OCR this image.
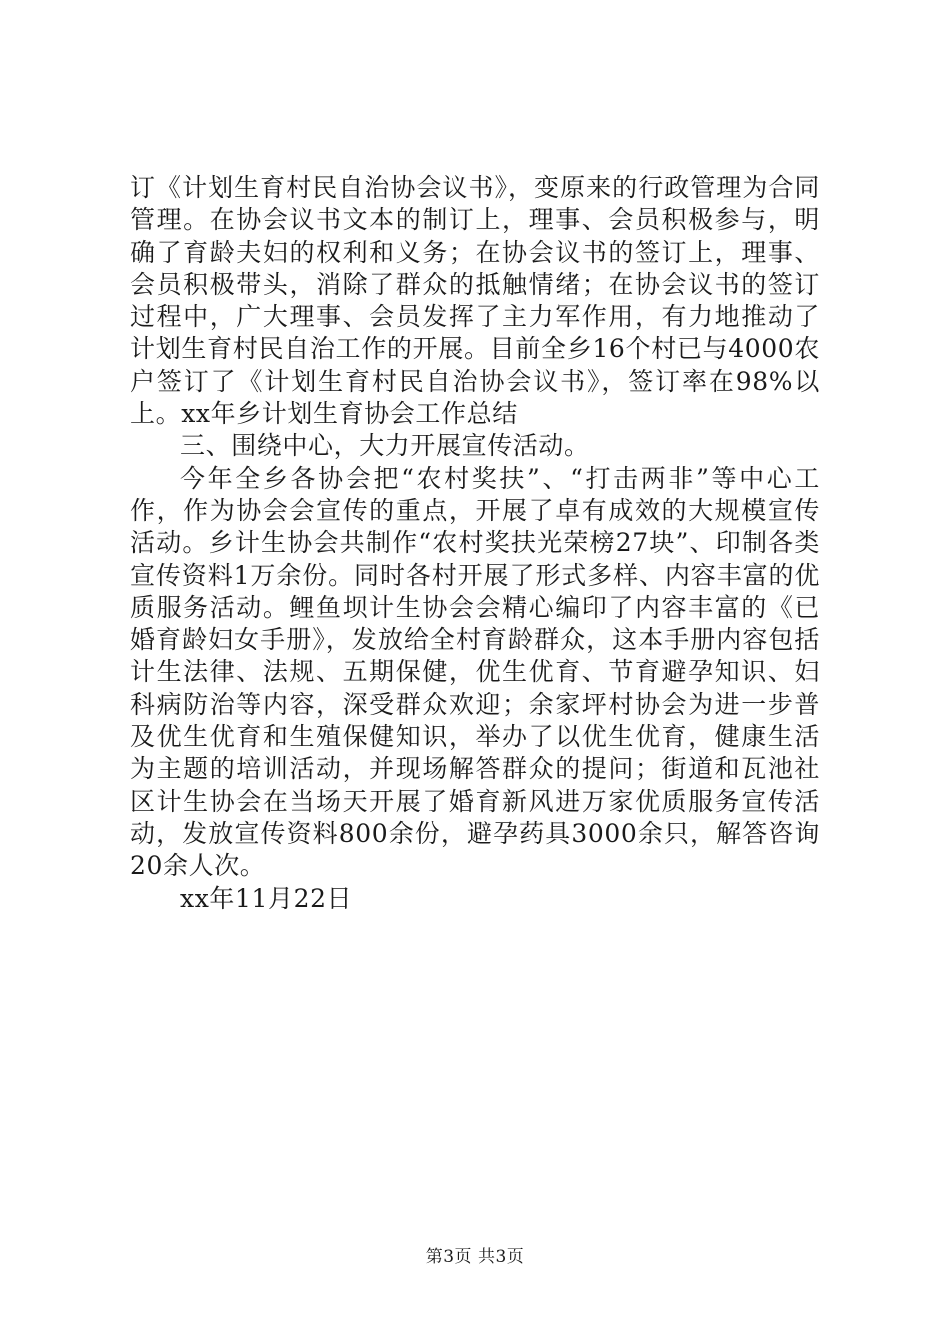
订《计划生育村民自治协会议书》，变原来的行政管理为合同管理。在协会议书文本的制订上，理事、会员积极参与，明确了育龄夫妇的权利和义务；在协会议书的签订上，理事、会员积极带头，消除了群众的抵触情绪；在协会议书的签订过程中，广大理事、会员发挥了主力军作用，有力地推动了计划生育村民自治工作的开展。目前全乡16个村已与4000农户签订了《计划生育村民自治协会议书》，签订率在98%以上。xx年乡计划生育协会工作总结

三、围绕中心，大力开展宣传活动。

今年全乡各协会把“农村奖扶”、“打击两非”等中心工作，作为协会会宣传的重点，开展了卓有成效的大规模宣传活动。乡计生协会共制作“农村奖扶光荣榜27块”、印制各类宣传资料1万余份。同时各村开展了形式多样、内容丰富的优质服务活动。鲤鱼坝计生协会会精心编印了内容丰富的《已婚育龄妇女手册》，发放给全村育龄群众，这本手册内容包括计生法律、法规、五期保健，优生优育、节育避孕知识、妇科病防治等内容，深受群众欢迎；余家坪村协会为进一步普及优生优育和生殖保健知识，举办了以优生优育，健康生活为主题的培训活动，并现场解答群众的提问；街道和瓦池社区计生协会在当场天开展了婚育新风进万家优质服务宣传活动，发放宣传资料800余份，避孕药具3000余只，解答咨询20余人次。

xx年11月22日

第3页 共3页
